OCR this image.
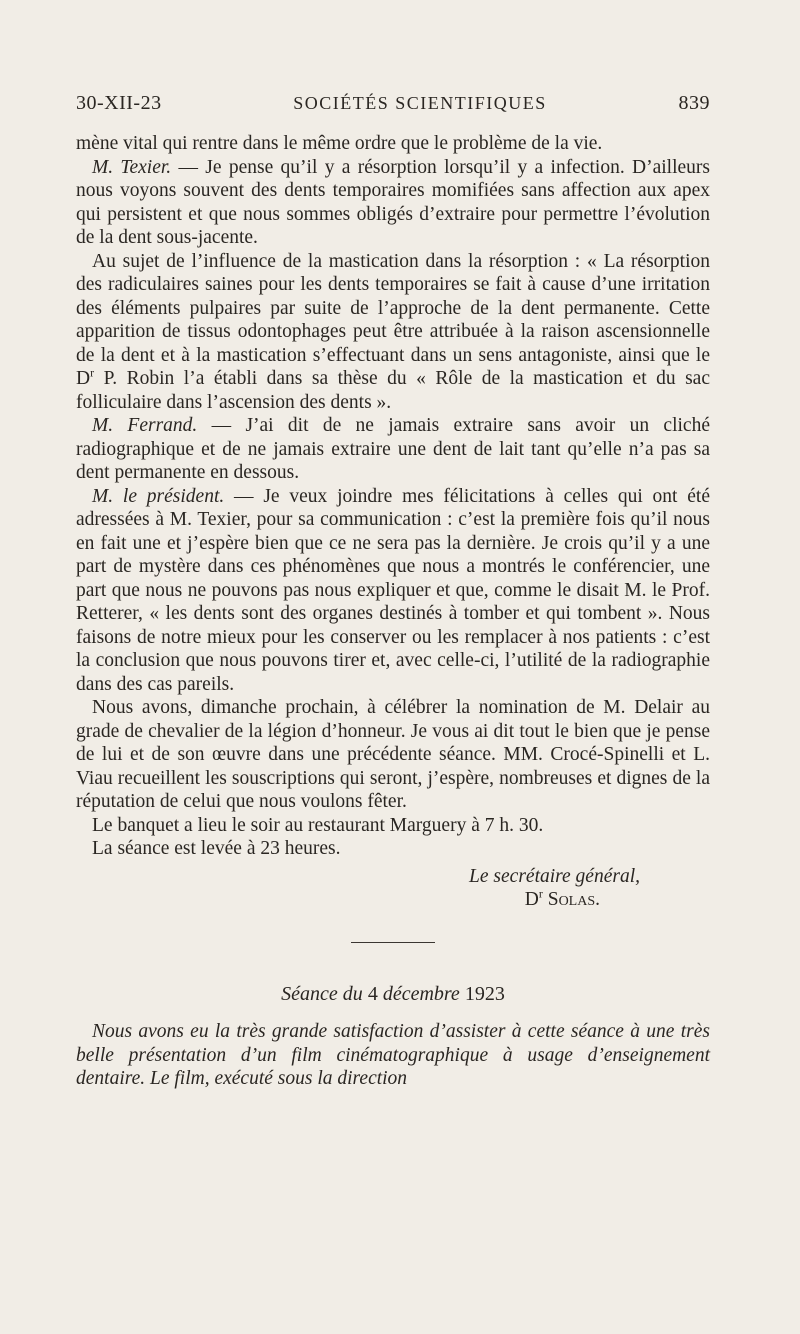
30-XII-23	SOCIÉTÉS SCIENTIFIQUES	839

mène vital qui rentre dans le même ordre que le problème de la vie.

M. Texier. — Je pense qu’il y a résorption lorsqu’il y a infection. D’ailleurs nous voyons souvent des dents temporaires momifiées sans affection aux apex qui persistent et que nous sommes obligés d’extraire pour permettre l’évolution de la dent sous-jacente.

Au sujet de l’influence de la mastication dans la résorption : « La résorption des radiculaires saines pour les dents temporaires se fait à cause d’une irritation des éléments pulpaires par suite de l’approche de la dent permanente. Cette apparition de tissus odontophages peut être attribuée à la raison ascensionnelle de la dent et à la mastication s’effectuant dans un sens antagoniste, ainsi que le $D^r$ P. Robin l’a établi dans sa thèse du « Rôle de la mastication et du sac folliculaire dans l’ascension des dents ».

M. Ferrand. — J’ai dit de ne jamais extraire sans avoir un cliché radiographique et de ne jamais extraire une dent de lait tant qu’elle n’a pas sa dent permanente en dessous.

M. le président. — Je veux joindre mes félicitations à celles qui ont été adressées à M. Texier, pour sa communication : c’est la première fois qu’il nous en fait une et j’espère bien que ce ne sera pas la dernière. Je crois qu’il y a une part de mystère dans ces phénomènes que nous a montrés le conférencier, une part que nous ne pouvons pas nous expliquer et que, comme le disait M. le Prof. Retterer, « les dents sont des organes destinés à tomber et qui tombent ». Nous faisons de notre mieux pour les conserver ou les remplacer à nos patients : c’est la conclusion que nous pouvons tirer et, avec celle-ci, l’utilité de la radiographie dans des cas pareils.

Nous avons, dimanche prochain, à célébrer la nomination de M. Delair au grade de chevalier de la légion d’honneur. Je vous ai dit tout le bien que je pense de lui et de son œuvre dans une précédente séance. MM. Crocé-Spinelli et L. Viau recueillent les souscriptions qui seront, j’espère, nombreuses et dignes de la réputation de celui que nous voulons fêter.

Le banquet a lieu le soir au restaurant Marguery à 7 h. 30.

La séance est levée à 23 heures.

Le secrétaire général,
$D^r$ Solas.
Séance du 4 décembre 1923

Nous avons eu la très grande satisfaction d’assister à cette séance à une très belle présentation d’un film cinématographique à usage d’enseignement dentaire. Le film, exécuté sous la direction
